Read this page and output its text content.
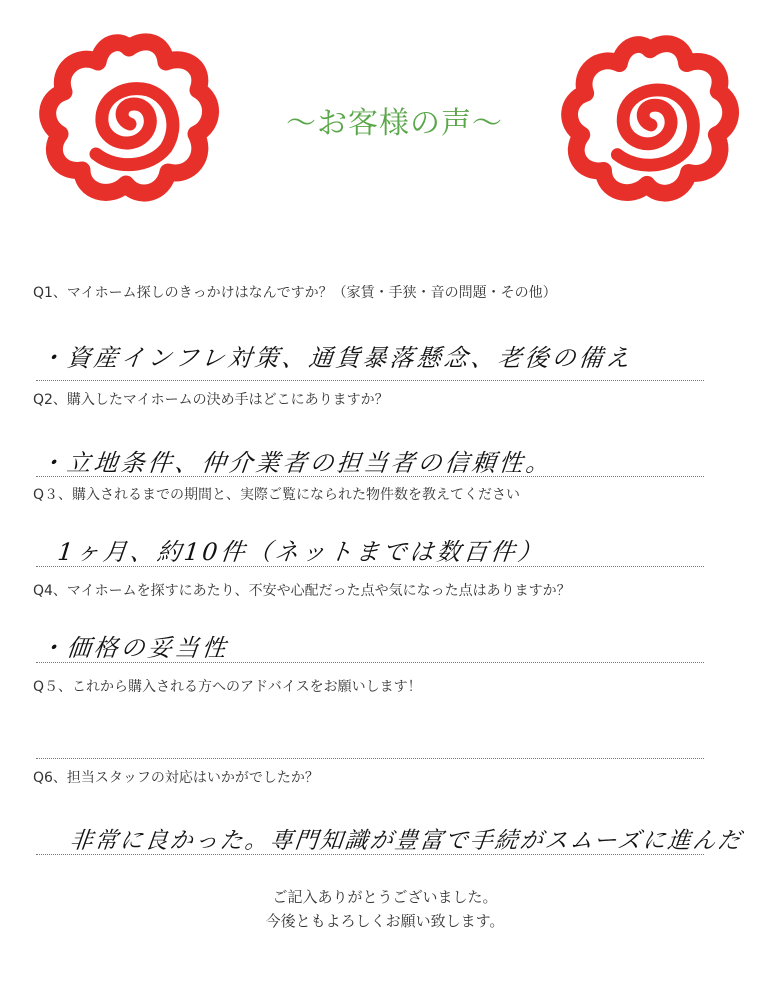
～お客様の声～
Q1、マイホーム探しのきっかけはなんですか？（家賃・手狭・音の問題・その他）
・資産インフレ対策、通貨暴落懸念、老後の備え
Q2、購入したマイホームの決め手はどこにありますか？
・立地条件、仲介業者の担当者の信頼性。
Q３、購入されるまでの期間と、実際ご覧になられた物件数を教えてください
1ヶ月、約10件（ネットまでは数百件）
Q4、マイホームを探すにあたり、不安や心配だった点や気になった点はありますか？
・価格の妥当性
Q５、これから購入される方へのアドバイスをお願いします！
Q6、担当スタッフの対応はいかがでしたか？
非常に良かった。専門知識が豊富で手続がスムーズに進んだ
ご記入ありがとうございました。
今後ともよろしくお願い致します。
